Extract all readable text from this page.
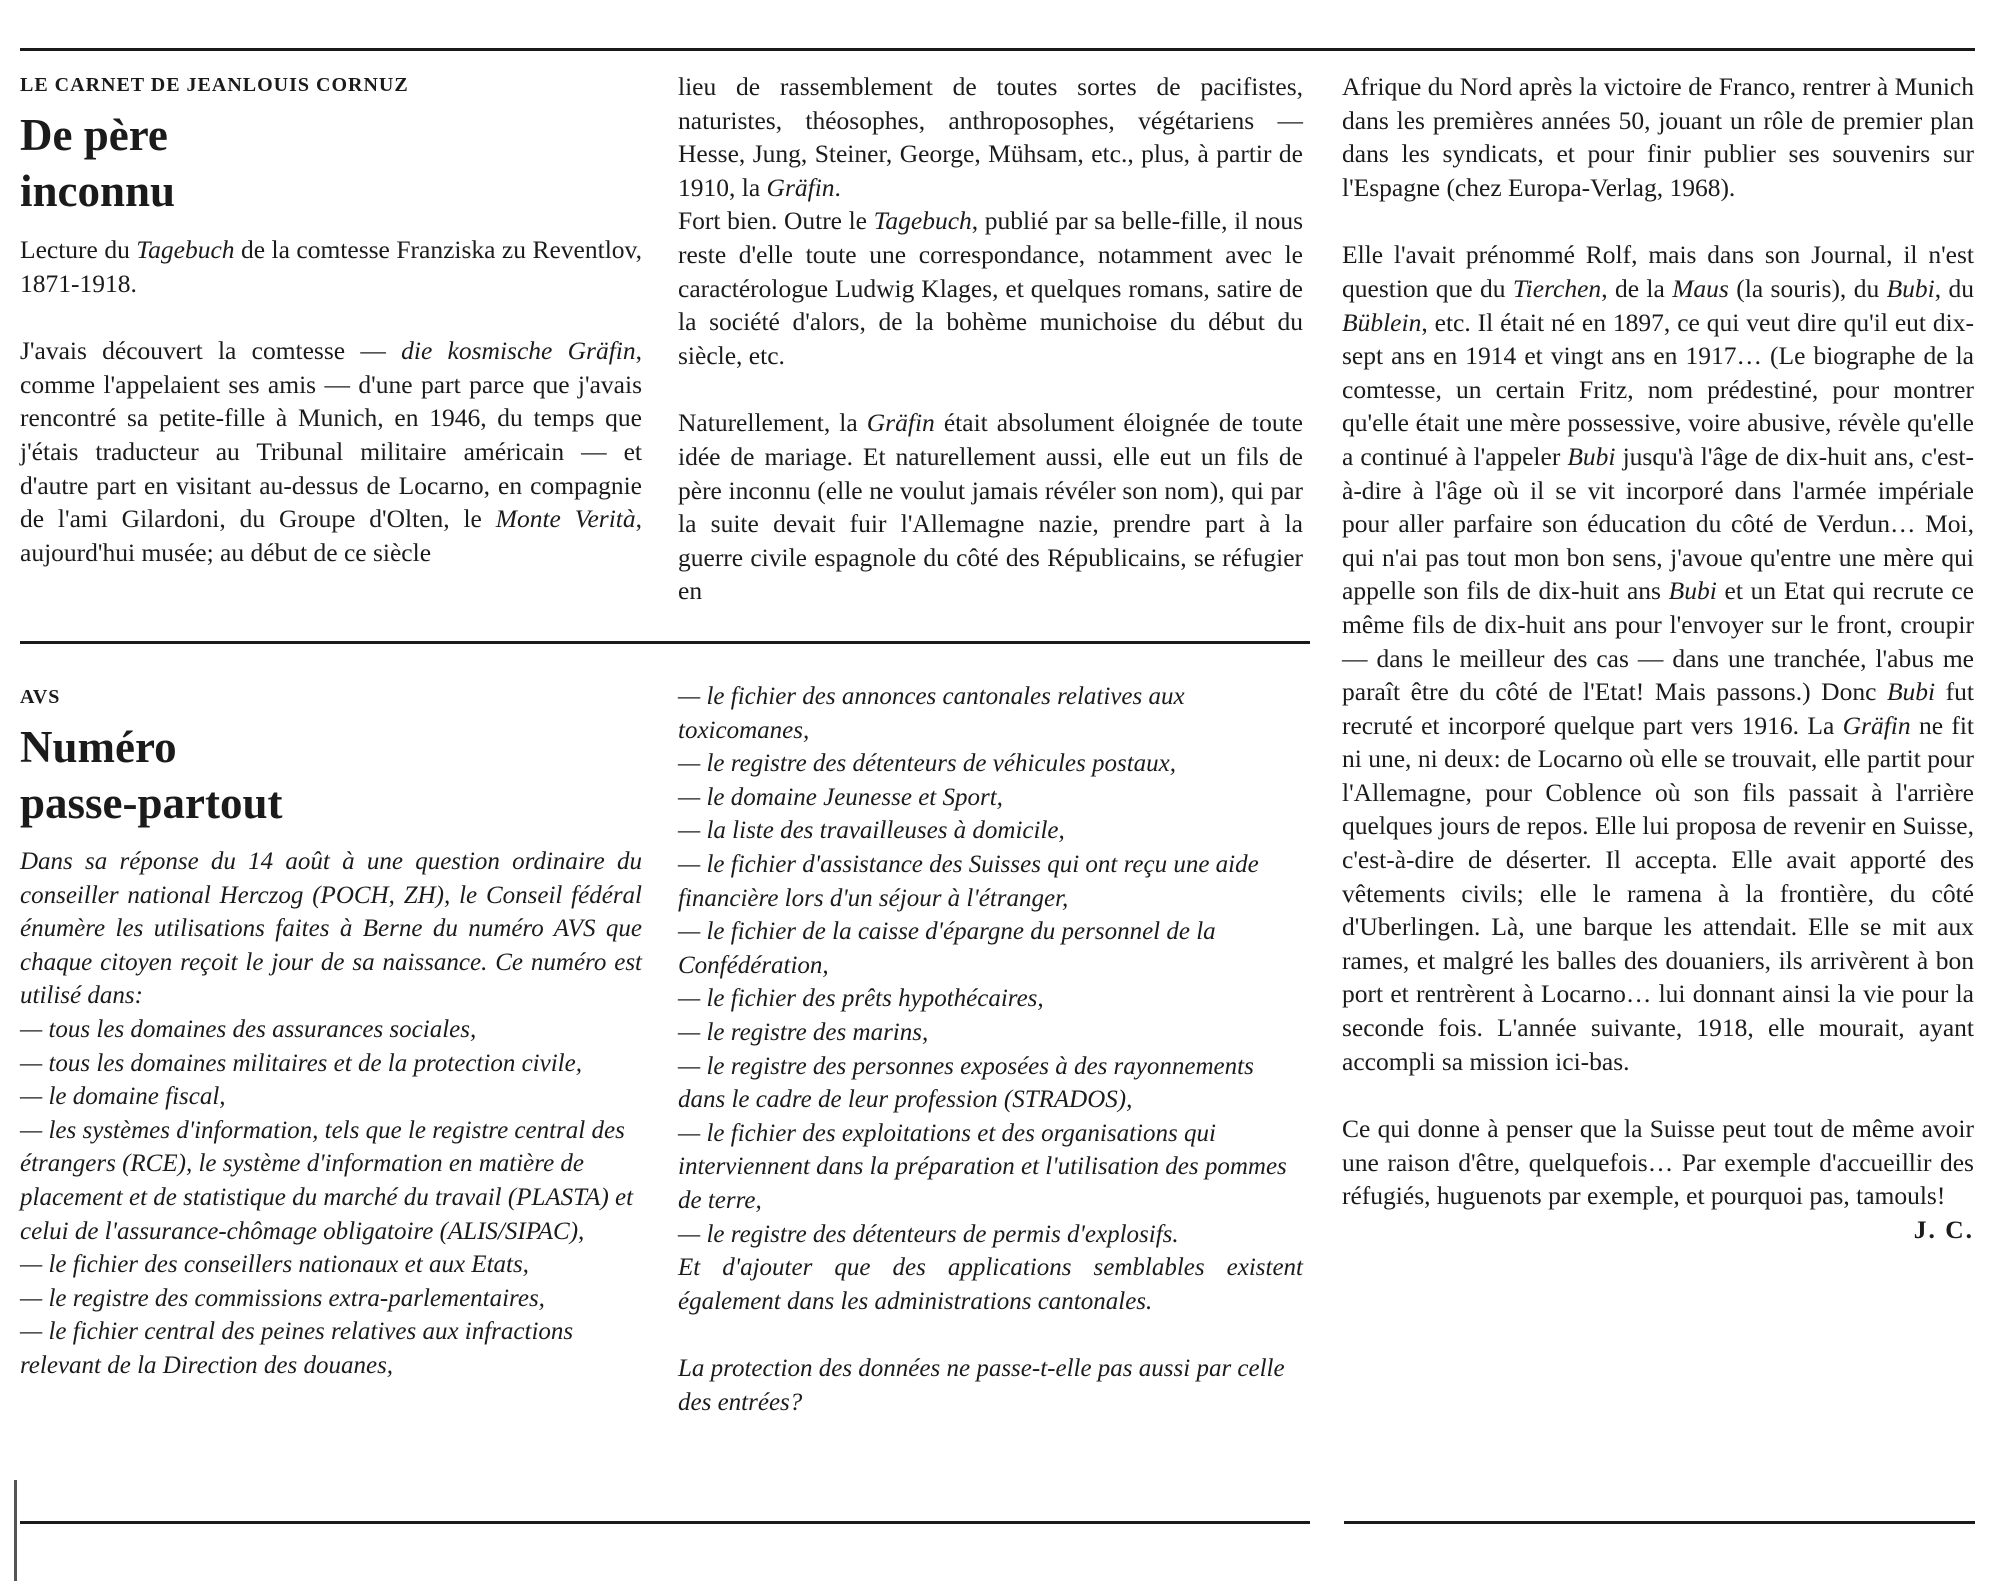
LE CARNET DE JEANLOUIS CORNUZ
De père
inconnu

Lecture du Tagebuch de la comtesse Franziska zu Reventlov, 1871-1918.

J'avais découvert la comtesse — die kosmische Gräfin, comme l'appelaient ses amis — d'une part parce que j'avais rencontré sa petite-fille à Munich, en 1946, du temps que j'étais traducteur au Tribunal militaire américain — et d'autre part en visitant au-dessus de Locarno, en compagnie de l'ami Gilardoni, du Groupe d'Olten, le Monte Verità, aujourd'hui musée; au début de ce siècle

lieu de rassemblement de toutes sortes de pacifistes, naturistes, théosophes, anthroposophes, végétariens — Hesse, Jung, Steiner, George, Mühsam, etc., plus, à partir de 1910, la Gräfin.

Fort bien. Outre le Tagebuch, publié par sa belle-fille, il nous reste d'elle toute une correspondance, notamment avec le caractérologue Ludwig Klages, et quelques romans, satire de la société d'alors, de la bohème munichoise du début du siècle, etc.

Naturellement, la Gräfin était absolument éloignée de toute idée de mariage. Et naturellement aussi, elle eut un fils de père inconnu (elle ne voulut jamais révéler son nom), qui par la suite devait fuir l'Allemagne nazie, prendre part à la guerre civile espagnole du côté des Républicains, se réfugier en

Afrique du Nord après la victoire de Franco, rentrer à Munich dans les premières années 50, jouant un rôle de premier plan dans les syndicats, et pour finir publier ses souvenirs sur l'Espagne (chez Europa-Verlag, 1968).

Elle l'avait prénommé Rolf, mais dans son Journal, il n'est question que du Tierchen, de la Maus (la souris), du Bubi, du Büblein, etc. Il était né en 1897, ce qui veut dire qu'il eut dix-sept ans en 1914 et vingt ans en 1917… (Le biographe de la comtesse, un certain Fritz, nom prédestiné, pour montrer qu'elle était une mère possessive, voire abusive, révèle qu'elle a continué à l'appeler Bubi jusqu'à l'âge de dix-huit ans, c'est-à-dire à l'âge où il se vit incorporé dans l'armée impériale pour aller parfaire son éducation du côté de Verdun… Moi, qui n'ai pas tout mon bon sens, j'avoue qu'entre une mère qui appelle son fils de dix-huit ans Bubi et un Etat qui recrute ce même fils de dix-huit ans pour l'envoyer sur le front, croupir — dans le meilleur des cas — dans une tranchée, l'abus me paraît être du côté de l'Etat! Mais passons.) Donc Bubi fut recruté et incorporé quelque part vers 1916. La Gräfin ne fit ni une, ni deux: de Locarno où elle se trouvait, elle partit pour l'Allemagne, pour Coblence où son fils passait à l'arrière quelques jours de repos. Elle lui proposa de revenir en Suisse, c'est-à-dire de déserter. Il accepta. Elle avait apporté des vêtements civils; elle le ramena à la frontière, du côté d'Uberlingen. Là, une barque les attendait. Elle se mit aux rames, et malgré les balles des douaniers, ils arrivèrent à bon port et rentrèrent à Locarno… lui donnant ainsi la vie pour la seconde fois. L'année suivante, 1918, elle mourait, ayant accompli sa mission ici-bas.

Ce qui donne à penser que la Suisse peut tout de même avoir une raison d'être, quelquefois… Par exemple d'accueillir des réfugiés, huguenots par exemple, et pourquoi pas, tamouls!

J. C.

AVS
Numéro
passe-partout

Dans sa réponse du 14 août à une question ordinaire du conseiller national Herczog (POCH, ZH), le Conseil fédéral énumère les utilisations faites à Berne du numéro AVS que chaque citoyen reçoit le jour de sa naissance. Ce numéro est utilisé dans:

— tous les domaines des assurances sociales,

— tous les domaines militaires et de la protection civile,

— le domaine fiscal,

— les systèmes d'information, tels que le registre central des étrangers (RCE), le système d'information en matière de placement et de statistique du marché du travail (PLASTA) et celui de l'assurance-chômage obligatoire (ALIS/SIPAC),

— le fichier des conseillers nationaux et aux Etats,

— le registre des commissions extra-parlementaires,

— le fichier central des peines relatives aux infractions relevant de la Direction des douanes,

— le fichier des annonces cantonales relatives aux toxicomanes,

— le registre des détenteurs de véhicules postaux,

— le domaine Jeunesse et Sport,

— la liste des travailleuses à domicile,

— le fichier d'assistance des Suisses qui ont reçu une aide financière lors d'un séjour à l'étranger,

— le fichier de la caisse d'épargne du personnel de la Confédération,

— le fichier des prêts hypothécaires,

— le registre des marins,

— le registre des personnes exposées à des rayonnements dans le cadre de leur profession (STRADOS),

— le fichier des exploitations et des organisations qui interviennent dans la préparation et l'utilisation des pommes de terre,

— le registre des détenteurs de permis d'explosifs.

Et d'ajouter que des applications semblables existent également dans les administrations cantonales.

La protection des données ne passe-t-elle pas aussi par celle des entrées?
